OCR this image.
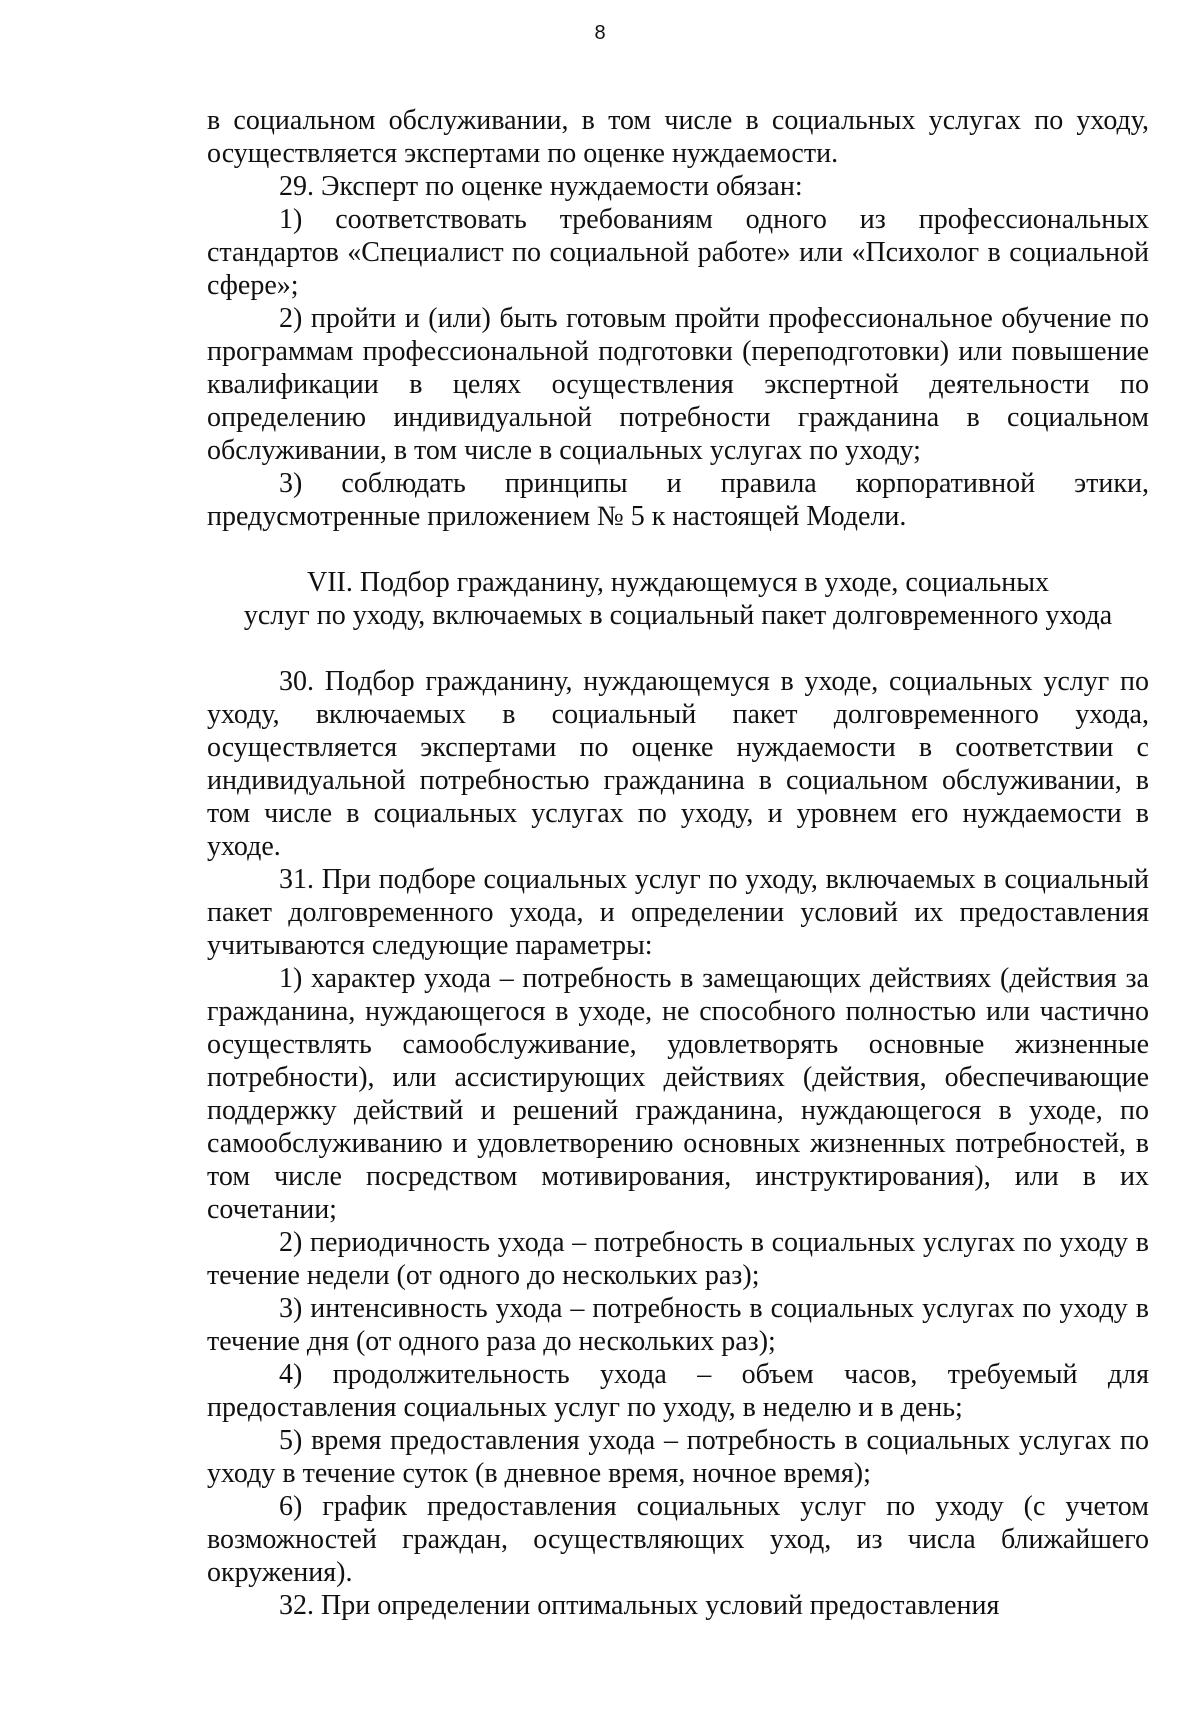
8

в социальном обслуживании, в том числе в социальных услугах по уходу, осуществляется экспертами по оценке нуждаемости.

29. Эксперт по оценке нуждаемости обязан:

1) соответствовать требованиям одного из профессиональных стандартов «Специалист по социальной работе» или «Психолог в социальной сфере»;

2) пройти и (или) быть готовым пройти профессиональное обучение по программам профессиональной подготовки (переподготовки) или повышение квалификации в целях осуществления экспертной деятельности по определению индивидуальной потребности гражданина в социальном обслуживании, в том числе в социальных услугах по уходу;

3) соблюдать принципы и правила корпоративной этики, предусмотренные приложением № 5 к настоящей Модели.

VII. Подбор гражданину, нуждающемуся в уходе, социальных
услуг по уходу, включаемых в социальный пакет долговременного ухода

30. Подбор гражданину, нуждающемуся в уходе, социальных услуг по уходу, включаемых в социальный пакет долговременного ухода, осуществляется экспертами по оценке нуждаемости в соответствии с индивидуальной потребностью гражданина в социальном обслуживании, в том числе в социальных услугах по уходу, и уровнем его нуждаемости в уходе.

31. При подборе социальных услуг по уходу, включаемых в социальный пакет долговременного ухода, и определении условий их предоставления учитываются следующие параметры:

1) характер ухода – потребность в замещающих действиях (действия за гражданина, нуждающегося в уходе, не способного полностью или частично осуществлять самообслуживание, удовлетворять основные жизненные потребности), или ассистирующих действиях (действия, обеспечивающие поддержку действий и решений гражданина, нуждающегося в уходе, по самообслуживанию и удовлетворению основных жизненных потребностей, в том числе посредством мотивирования, инструктирования), или в их сочетании;

2) периодичность ухода – потребность в социальных услугах по уходу в течение недели (от одного до нескольких раз);

3) интенсивность ухода – потребность в социальных услугах по уходу в течение дня (от одного раза до нескольких раз);

4) продолжительность ухода – объем часов, требуемый для предоставления социальных услуг по уходу, в неделю и в день;

5) время предоставления ухода – потребность в социальных услугах по уходу в течение суток (в дневное время, ночное время);

6) график предоставления социальных услуг по уходу (с учетом возможностей граждан, осуществляющих уход, из числа ближайшего окружения).

32. При определении оптимальных условий предоставления
